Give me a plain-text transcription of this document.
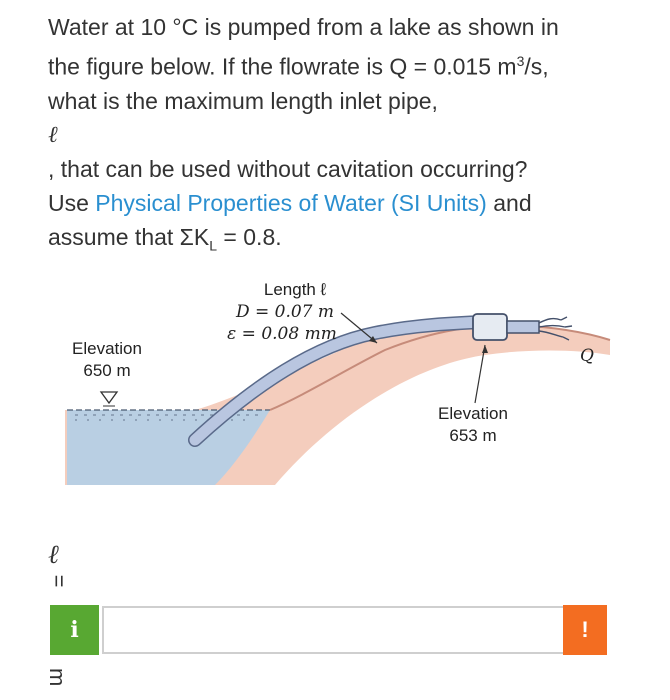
Water at 10 °C is pumped from a lake as shown in
the figure below. If the flowrate is Q = 0.015 $m^3/s$,
what is the maximum length inlet pipe,
ℓ
, that can be used without cavitation occurring?
Use Physical Properties of Water (SI Units) and
assume that $\Sigma K_L = 0.8$.
Length ℓ
D = 0.07 m
ε = 0.08 mm
Elevation
650 m
Elevation
653 m
Q
ℓ
=
i	!
m
